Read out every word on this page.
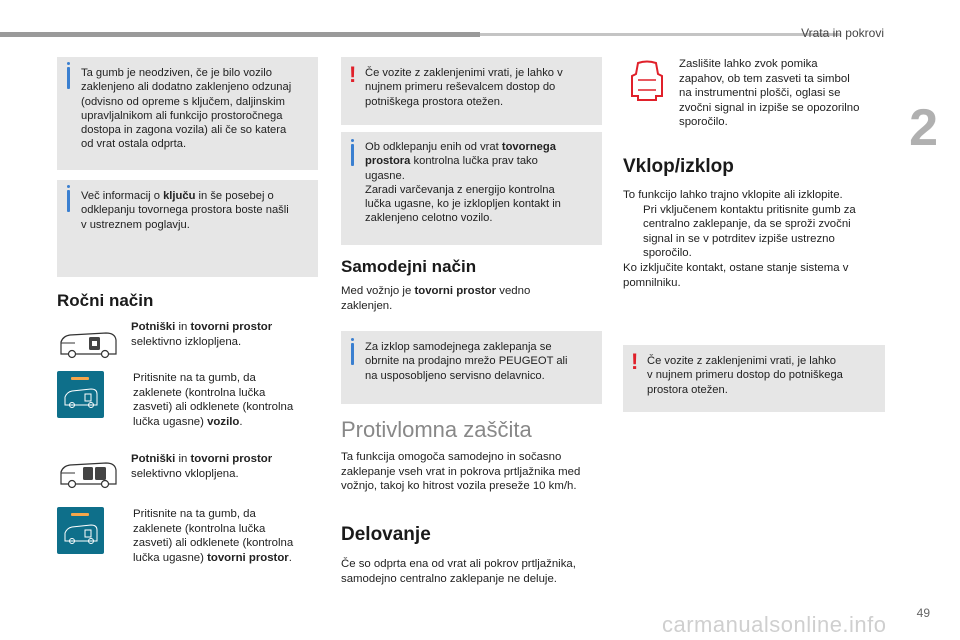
Vrata in pokrovi
2
49
carmanualsonline.info

Ta gumb je neodziven, če je bilo vozilo

zaklenjeno ali dodatno zaklenjeno odzunaj

(odvisno od opreme s ključem, daljinskim

upravljalnikom ali funkcijo prostoročnega

dostopa in zagona vozila) ali če so katera

od vrat ostala odprta.

Več informacij o ključu in še posebej o

odklepanju tovornega prostora boste našli

v ustreznem poglavju.

Ročni način

Potniški in tovorni prostor

selektivno izklopljena.

Pritisnite na ta gumb, da

zaklenete (kontrolna lučka

zasveti) ali odklenete (kontrolna

lučka ugasne) vozilo.

Potniški in tovorni prostor

selektivno vklopljena.

Pritisnite na ta gumb, da

zaklenete (kontrolna lučka

zasveti) ali odklenete (kontrolna

lučka ugasne) tovorni prostor.

! Če vozite z zaklenjenimi vrati, je lahko v

nujnem primeru reševalcem dostop do

potniškega prostora otežen.

Ob odklepanju enih od vrat tovornega

prostora kontrolna lučka prav tako

ugasne.

Zaradi varčevanja z energijo kontrolna

lučka ugasne, ko je izklopljen kontakt in

zaklenjeno celotno vozilo.

Samodejni način

Med vožnjo je tovorni prostor vedno

zaklenjen.

Za izklop samodejnega zaklepanja se

obrnite na prodajno mrežo PEUGEOT ali

na usposobljeno servisno delavnico.

Protivlomna zaščita

Ta funkcija omogoča samodejno in sočasno

zaklepanje vseh vrat in pokrova prtljažnika med

vožnjo, takoj ko hitrost vozila preseže 10 km/h.

Delovanje

Če so odprta ena od vrat ali pokrov prtljažnika,

samodejno centralno zaklepanje ne deluje.

Zaslišite lahko zvok pomika

zapahov, ob tem zasveti ta simbol

na instrumentni plošči, oglasi se

zvočni signal in izpiše se opozorilno

sporočilo.

Vklop/izklop

To funkcijo lahko trajno vklopite ali izklopite.

Pri vključenem kontaktu pritisnite gumb za

centralno zaklepanje, da se sproži zvočni

signal in se v potrditev izpiše ustrezno

sporočilo.

Ko izključite kontakt, ostane stanje sistema v

pomnilniku.

! Če vozite z zaklenjenimi vrati, je lahko

v nujnem primeru dostop do potniškega

prostora otežen.
